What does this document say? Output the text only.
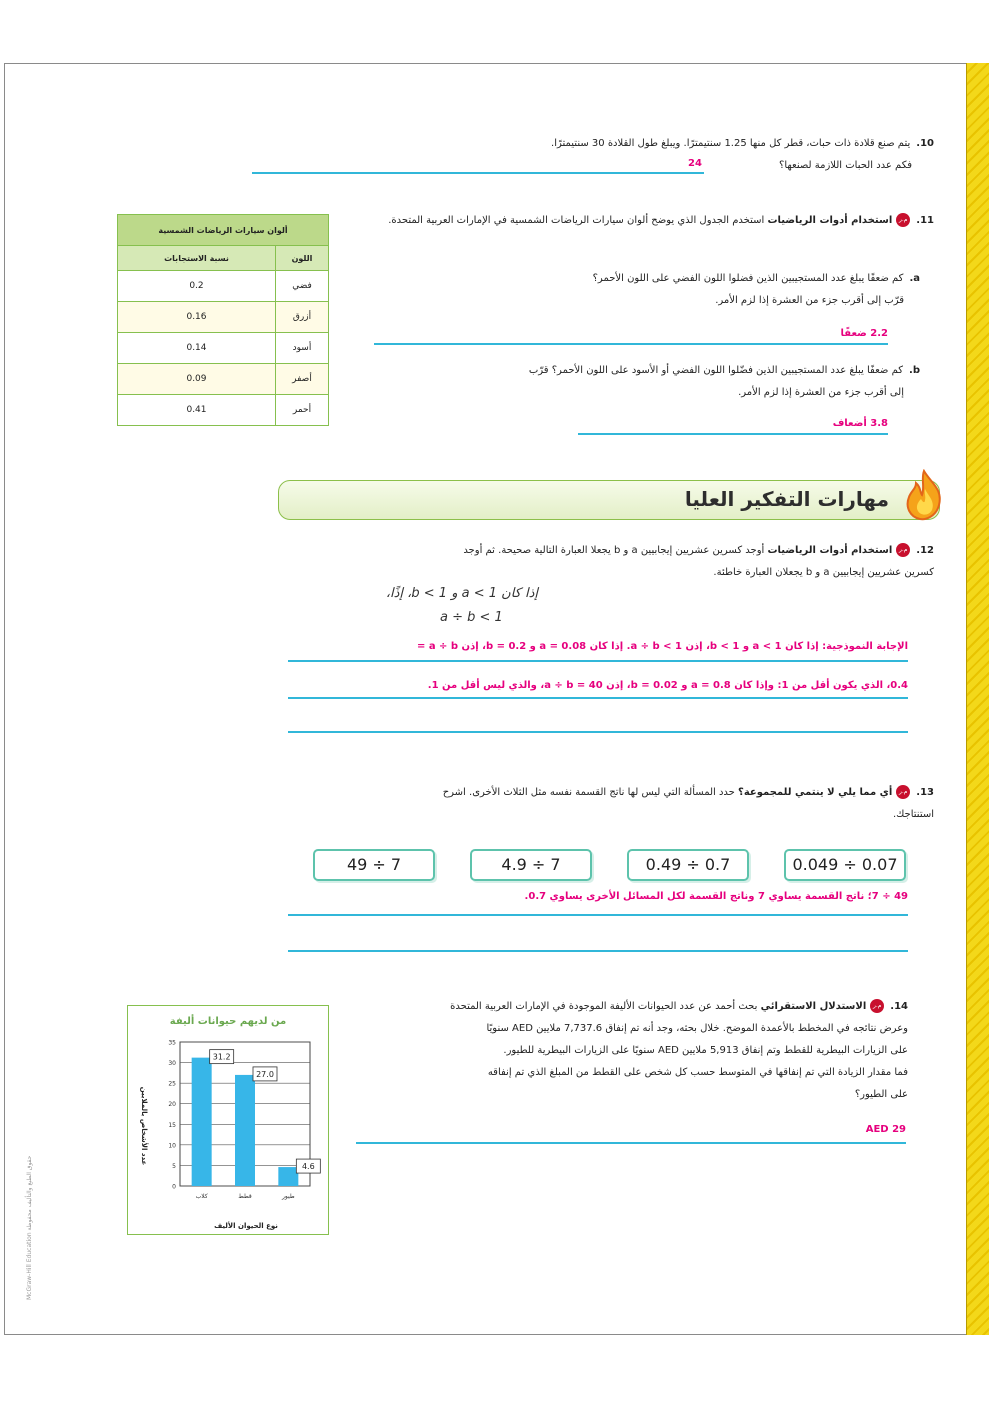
McGraw-Hill Education حقوق الطبع والتأليف محفوظة
10.يتم صنع قلادة ذات حبات، قطر كل منها 1.25 سنتيمترًا. ويبلغ طول القلادة 30 سنتيمترًا.
فكم عدد الحبات اللازمة لصنعها؟
24
11.م.راستخدام أدوات الرياضيات استخدم الجدول الذي يوضح ألوان سيارات الرياضات الشمسية في الإمارات العربية المتحدة.
a.كم ضعفًا يبلغ عدد المستجيبين الذين فضلوا اللون الفضي على اللون الأحمر؟
قرّب إلى أقرب جزء من العشرة إذا لزم الأمر.
2.2 ضعفًا
b.كم ضعفًا يبلغ عدد المستجيبين الذين فضّلوا اللون الفضي أو الأسود على اللون الأحمر؟ قرّب
إلى أقرب جزء من العشرة إذا لزم الأمر.
3.8 أضعاف
ألوان سيارات الرياضات الشمسية	
اللون	نسبة الاستجابات
فضي	0.2
أزرق	0.16
أسود	0.14
أصفر	0.09
أحمر	0.41
مهارات التفكير العليا
12.م.راستخدام أدوات الرياضيات أوجد كسرين عشريين إيجابيين a و b يجعلا العبارة التالية صحيحة. ثم أوجد
كسرين عشريين إيجابيين a و b يجعلان العبارة خاطئة.
إذا كان a < 1 و b < 1، إذًا،
a ÷ b < 1
الإجابة النموذجية: إذا كان a < 1 و b < 1، إذن a ÷ b < 1. إذا كان a = 0.08 و b = 0.2، إذن a ÷ b =
0.4، الذي يكون أقل من 1: وإذا كان a = 0.8 و b = 0.02، إذن a ÷ b = 40، والذي ليس أقل من 1.
13.م.رأي مما يلي لا ينتمي للمجموعة؟ حدد المسألة التي ليس لها ناتج القسمة نفسه مثل الثلاث الأخرى. اشرح
استنتاجك.
0.049 ÷ 0.07
0.49 ÷ 0.7
4.9 ÷ 7
49 ÷ 7
49 ÷ 7؛ ناتج القسمة يساوي 7 وناتج القسمة لكل المسائل الأخرى يساوي 0.7.
14.م.رالاستدلال الاستقرائي بحث أحمد عن عدد الحيوانات الأليفة الموجودة في الإمارات العربية المتحدة
وعرض نتائجه في المخطط بالأعمدة الموضح. خلال بحثه، وجد أنه تم إنفاق 7,737.6 ملايين AED سنويًا
على الزيارات البيطرية للقطط وتم إنفاق 5,913 ملايين AED سنويًا على الزيارات البيطرية للطيور.
فما مقدار الزيادة التي تم إنفاقها في المتوسط حسب كل شخص على القطط من المبلغ الذي تم إنفاقه
على الطيور؟
AED 29
من لديهم حيوانات أليفة
عدد الأشخاص بالملايين
نوع الحيوان الأليف
0
5
10
15
20
25
30
35
31.2
كلاب
27.0
قطط
4.6
طيور
